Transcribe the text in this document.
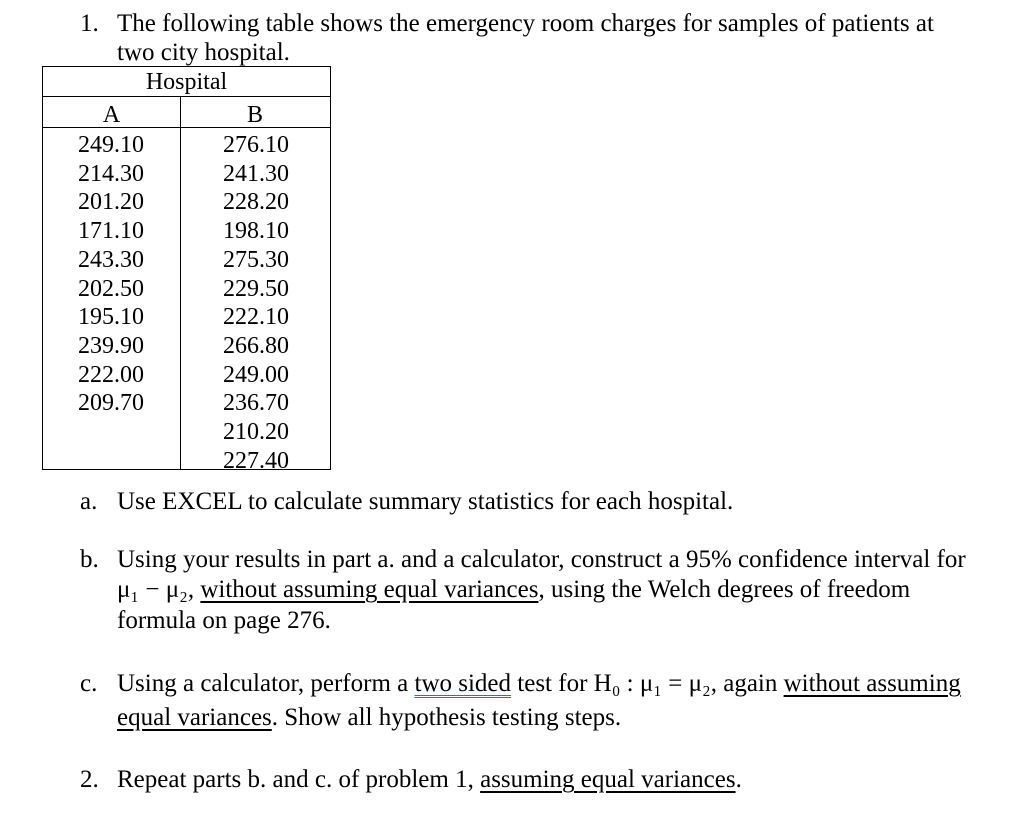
1. The following table shows the emergency room charges for samples of patients at
two city hospital.
Hospital
A	B
249.10
214.30
201.20
171.10
243.30
202.50
195.10
239.90
222.00
209.70
276.10
241.30
228.20
198.10
275.30
229.50
222.10
266.80
249.00
236.70
210.20
227.40
a. Use EXCEL to calculate summary statistics for each hospital.
b. Using your results in part a. and a calculator, construct a 95% confidence interval for
μ₁ − μ₂, without assuming equal variances, using the Welch degrees of freedom
formula on page 276.
c. Using a calculator, perform a two sided test for H₀ : μ₁ = μ₂, again without assuming
equal variances. Show all hypothesis testing steps.
2. Repeat parts b. and c. of problem 1, assuming equal variances.
